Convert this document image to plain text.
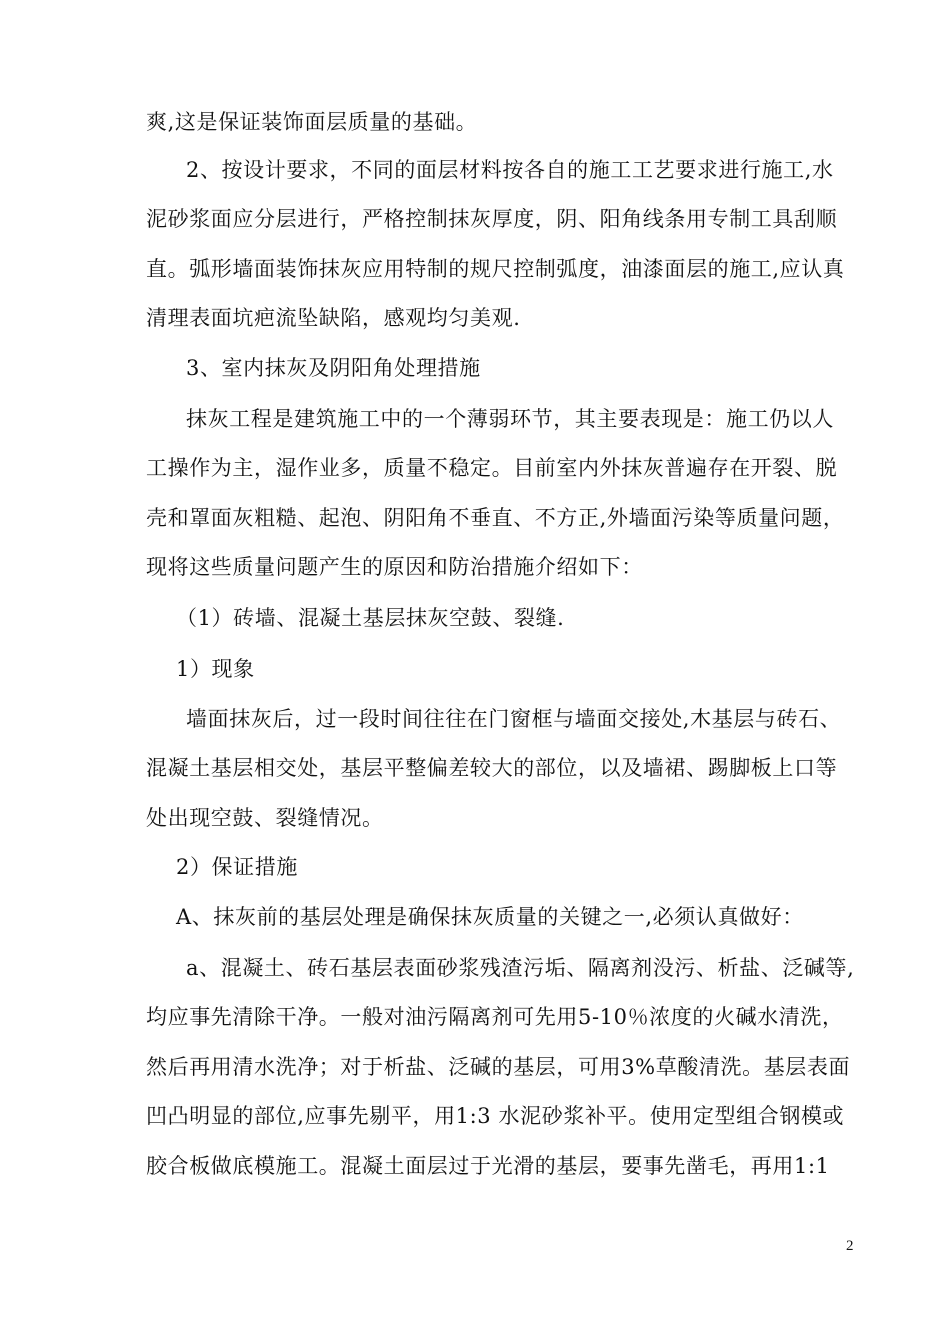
爽,这是保证装饰面层质量的基础。
2、按设计要求，不同的面层材料按各自的施工工艺要求进行施工,水
泥砂浆面应分层进行，严格控制抹灰厚度，阴、阳角线条用专制工具刮顺
直。弧形墙面装饰抹灰应用特制的规尺控制弧度，油漆面层的施工,应认真
清理表面坑疤流坠缺陷，感观均匀美观.
3、室内抹灰及阴阳角处理措施
抹灰工程是建筑施工中的一个薄弱环节，其主要表现是：施工仍以人
工操作为主，湿作业多，质量不稳定。目前室内外抹灰普遍存在开裂、脱
壳和罩面灰粗糙、起泡、阴阳角不垂直、不方正,外墙面污染等质量问题，
现将这些质量问题产生的原因和防治措施介绍如下：
（1）砖墙、混凝土基层抹灰空鼓、裂缝.
1）现象
墙面抹灰后，过一段时间往往在门窗框与墙面交接处,木基层与砖石、
混凝土基层相交处，基层平整偏差较大的部位，以及墙裙、踢脚板上口等
处出现空鼓、裂缝情况。
2）保证措施
A、抹灰前的基层处理是确保抹灰质量的关键之一,必须认真做好：
a、混凝土、砖石基层表面砂浆残渣污垢、隔离剂没污、析盐、泛碱等,
均应事先清除干净。一般对油污隔离剂可先用5-10％浓度的火碱水清洗，
然后再用清水洗净；对于析盐、泛碱的基层，可用3%草酸清洗。基层表面
凹凸明显的部位,应事先剔平，用1:3 水泥砂浆补平。使用定型组合钢模或
胶合板做底模施工。混凝土面层过于光滑的基层，要事先凿毛，再用1:1
2
